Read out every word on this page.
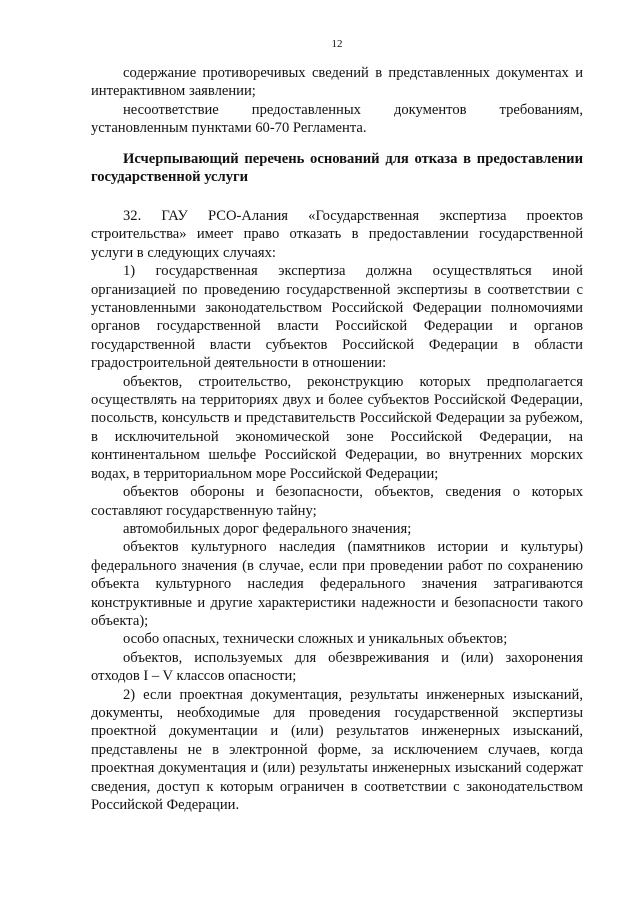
12

содержание противоречивых сведений в представленных документах и интерактивном заявлении;

несоответствие предоставленных документов требованиям, установленным пунктами 60-70 Регламента.

Исчерпывающий перечень оснований для отказа в предоставлении государственной услуги

32. ГАУ РСО-Алания «Государственная экспертиза проектов строительства» имеет право отказать в предоставлении государственной услуги в следующих случаях:

1) государственная экспертиза должна осуществляться иной организацией по проведению государственной экспертизы в соответствии с установленными законодательством Российской Федерации полномочиями органов государственной власти Российской Федерации и органов государственной власти субъектов Российской Федерации в области градостроительной деятельности в отношении:

объектов, строительство, реконструкцию которых предполагается осуществлять на территориях двух и более субъектов Российской Федерации, посольств, консульств и представительств Российской Федерации за рубежом, в исключительной экономической зоне Российской Федерации, на континентальном шельфе Российской Федерации, во внутренних морских водах, в территориальном море Российской Федерации;

объектов обороны и безопасности, объектов, сведения о которых составляют государственную тайну;

автомобильных дорог федерального значения;

объектов культурного наследия (памятников истории и культуры) федерального значения (в случае, если при проведении работ по сохранению объекта культурного наследия федерального значения затрагиваются конструктивные и другие характеристики надежности и безопасности такого объекта);

особо опасных, технически сложных и уникальных объектов;

объектов, используемых для обезвреживания и (или) захоронения отходов I – V классов опасности;

2) если проектная документация, результаты инженерных изысканий, документы, необходимые для проведения государственной экспертизы проектной документации и (или) результатов инженерных изысканий, представлены не в электронной форме, за исключением случаев, когда проектная документация и (или) результаты инженерных изысканий содержат сведения, доступ к которым ограничен в соответствии с законодательством Российской Федерации.
